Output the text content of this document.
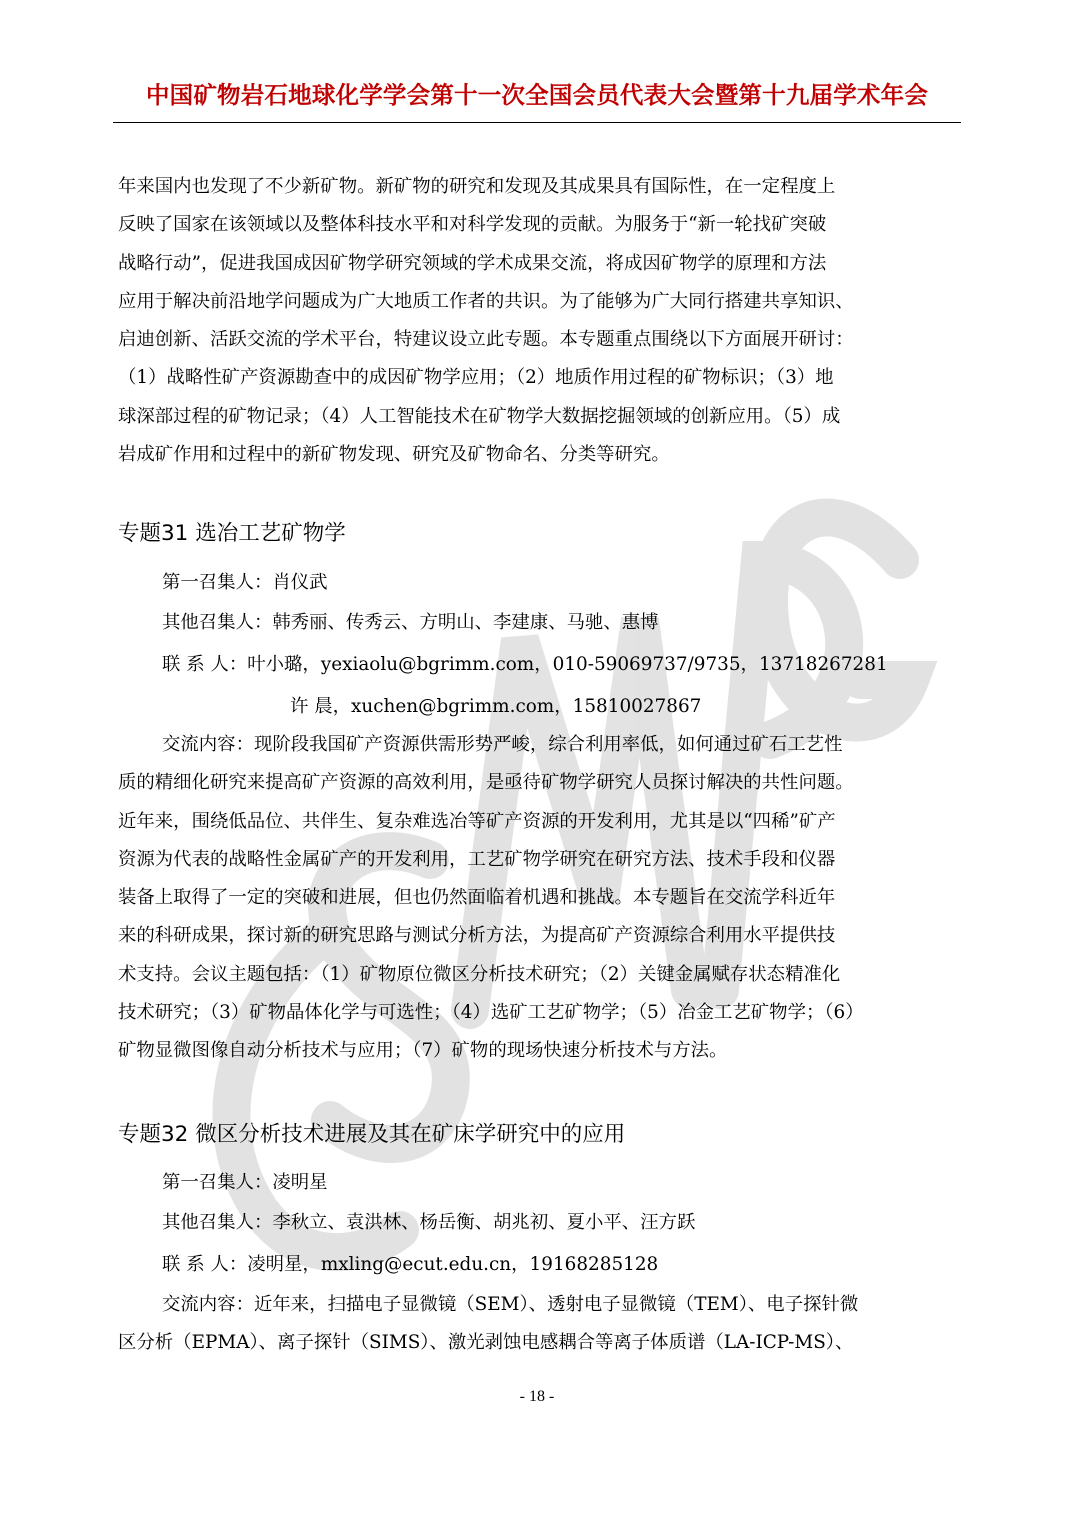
中国矿物岩石地球化学学会第十一次全国会员代表大会暨第十九届学术年会

年来国内也发现了不少新矿物。新矿物的研究和发现及其成果具有国际性，在一定程度上

反映了国家在该领域以及整体科技水平和对科学发现的贡献。为服务于“新一轮找矿突破

战略行动”，促进我国成因矿物学研究领域的学术成果交流，将成因矿物学的原理和方法

应用于解决前沿地学问题成为广大地质工作者的共识。为了能够为广大同行搭建共享知识、

启迪创新、活跃交流的学术平台，特建议设立此专题。本专题重点围绕以下方面展开研讨：

（1）战略性矿产资源勘查中的成因矿物学应用；（2）地质作用过程的矿物标识；（3）地

球深部过程的矿物记录；（4）人工智能技术在矿物学大数据挖掘领域的创新应用。（5）成

岩成矿作用和过程中的新矿物发现、研究及矿物命名、分类等研究。

专题31 选冶工艺矿物学
第一召集人：肖仪武
其他召集人：韩秀丽、传秀云、方明山、李建康、马驰、惠博
联 系 人：叶小璐，yexiaolu@bgrimm.com，010-59069737/9735，13718267281
许 晨，xuchen@bgrimm.com，15810027867

交流内容：现阶段我国矿产资源供需形势严峻，综合利用率低，如何通过矿石工艺性

质的精细化研究来提高矿产资源的高效利用，是亟待矿物学研究人员探讨解决的共性问题。

近年来，围绕低品位、共伴生、复杂难选冶等矿产资源的开发利用，尤其是以“四稀”矿产

资源为代表的战略性金属矿产的开发利用，工艺矿物学研究在研究方法、技术手段和仪器

装备上取得了一定的突破和进展，但也仍然面临着机遇和挑战。本专题旨在交流学科近年

来的科研成果，探讨新的研究思路与测试分析方法，为提高矿产资源综合利用水平提供技

术支持。会议主题包括：（1）矿物原位微区分析技术研究；（2）关键金属赋存状态精准化

技术研究；（3）矿物晶体化学与可选性；（4）选矿工艺矿物学；（5）冶金工艺矿物学；（6）

矿物显微图像自动分析技术与应用；（7）矿物的现场快速分析技术与方法。

专题32 微区分析技术进展及其在矿床学研究中的应用
第一召集人：凌明星
其他召集人：李秋立、袁洪林、杨岳衡、胡兆初、夏小平、汪方跃
联 系 人：凌明星，mxling@ecut.edu.cn，19168285128

交流内容：近年来，扫描电子显微镜（SEM）、透射电子显微镜（TEM）、电子探针微

区分析（EPMA）、离子探针（SIMS）、激光剥蚀电感耦合等离子体质谱（LA-ICP-MS）、

- 18 -
